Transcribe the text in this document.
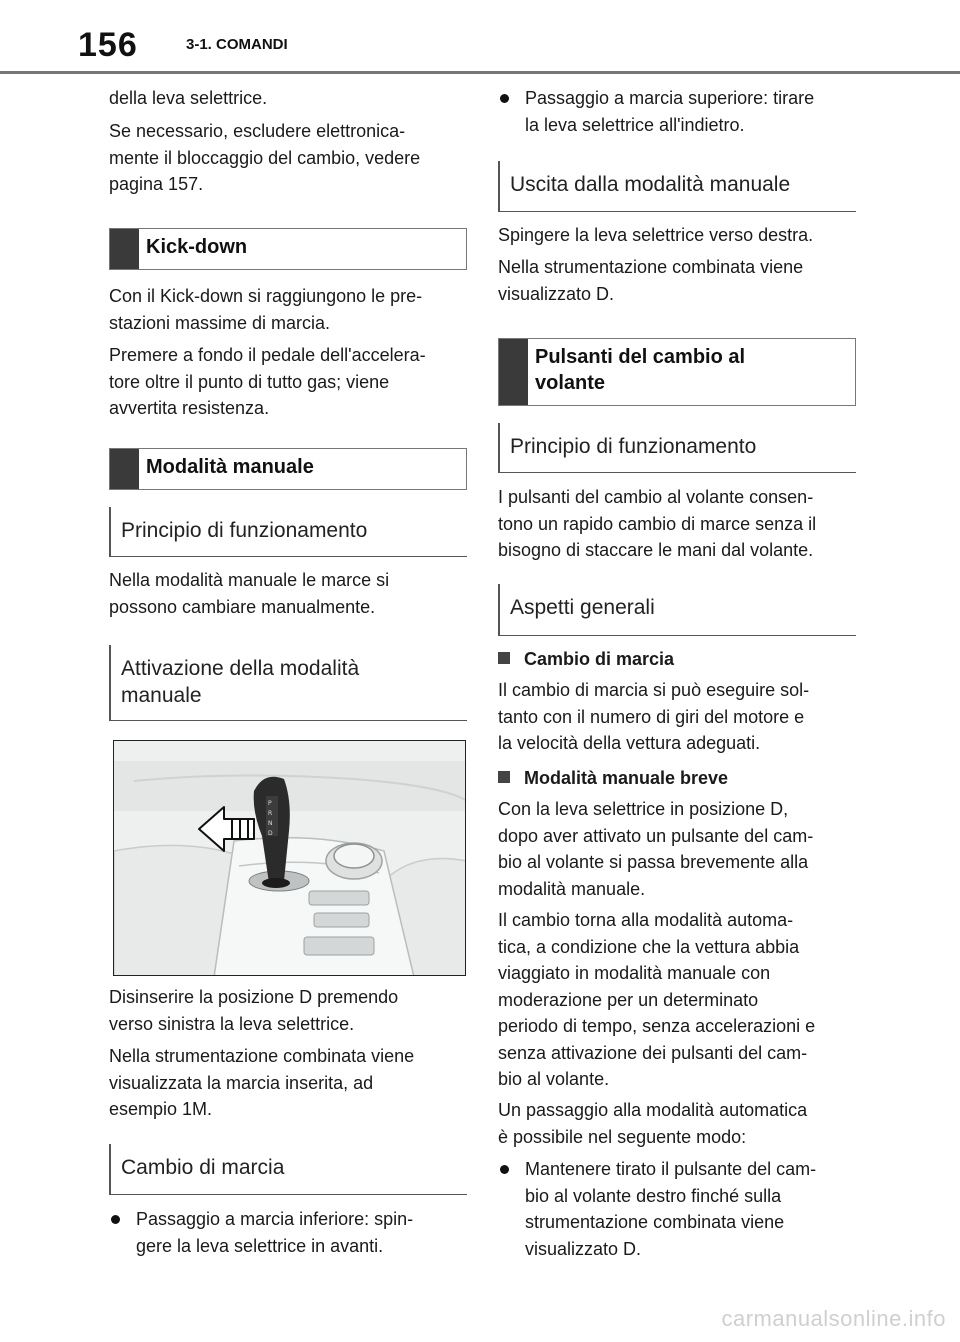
156	3-1. COMANDI

della leva selettrice.

Se necessario, escludere elettronica-
mente il bloccaggio del cambio, vedere
pagina 157.

Kick-down

Con il Kick-down si raggiungono le pre-
stazioni massime di marcia.

Premere a fondo il pedale dell'accelera-
tore oltre il punto di tutto gas; viene
avvertita resistenza.

Modalità manuale
Principio di funzionamento

Nella modalità manuale le marce si
possono cambiare manualmente.

Attivazione della modalità
manuale

Disinserire la posizione D premendo
verso sinistra la leva selettrice.

Nella strumentazione combinata viene
visualizzata la marcia inserita, ad
esempio 1M.

Cambio di marcia

Passaggio a marcia inferiore: spin-
gere la leva selettrice in avanti.

P
R
N
D

Passaggio a marcia superiore: tirare
la leva selettrice all'indietro.

Uscita dalla modalità manuale

Spingere la leva selettrice verso destra.

Nella strumentazione combinata viene
visualizzato D.

Pulsanti del cambio al
volante
Principio di funzionamento

I pulsanti del cambio al volante consen-
tono un rapido cambio di marce senza il
bisogno di staccare le mani dal volante.

Aspetti generali
Cambio di marcia

Il cambio di marcia si può eseguire sol-
tanto con il numero di giri del motore e
la velocità della vettura adeguati.

Modalità manuale breve

Con la leva selettrice in posizione D,
dopo aver attivato un pulsante del cam-
bio al volante si passa brevemente alla
modalità manuale.

Il cambio torna alla modalità automa-
tica, a condizione che la vettura abbia
viaggiato in modalità manuale con
moderazione per un determinato
periodo di tempo, senza accelerazioni e
senza attivazione dei pulsanti del cam-
bio al volante.

Un passaggio alla modalità automatica
è possibile nel seguente modo:

Mantenere tirato il pulsante del cam-
bio al volante destro finché sulla
strumentazione combinata viene
visualizzato D.

carmanualsonline.info
